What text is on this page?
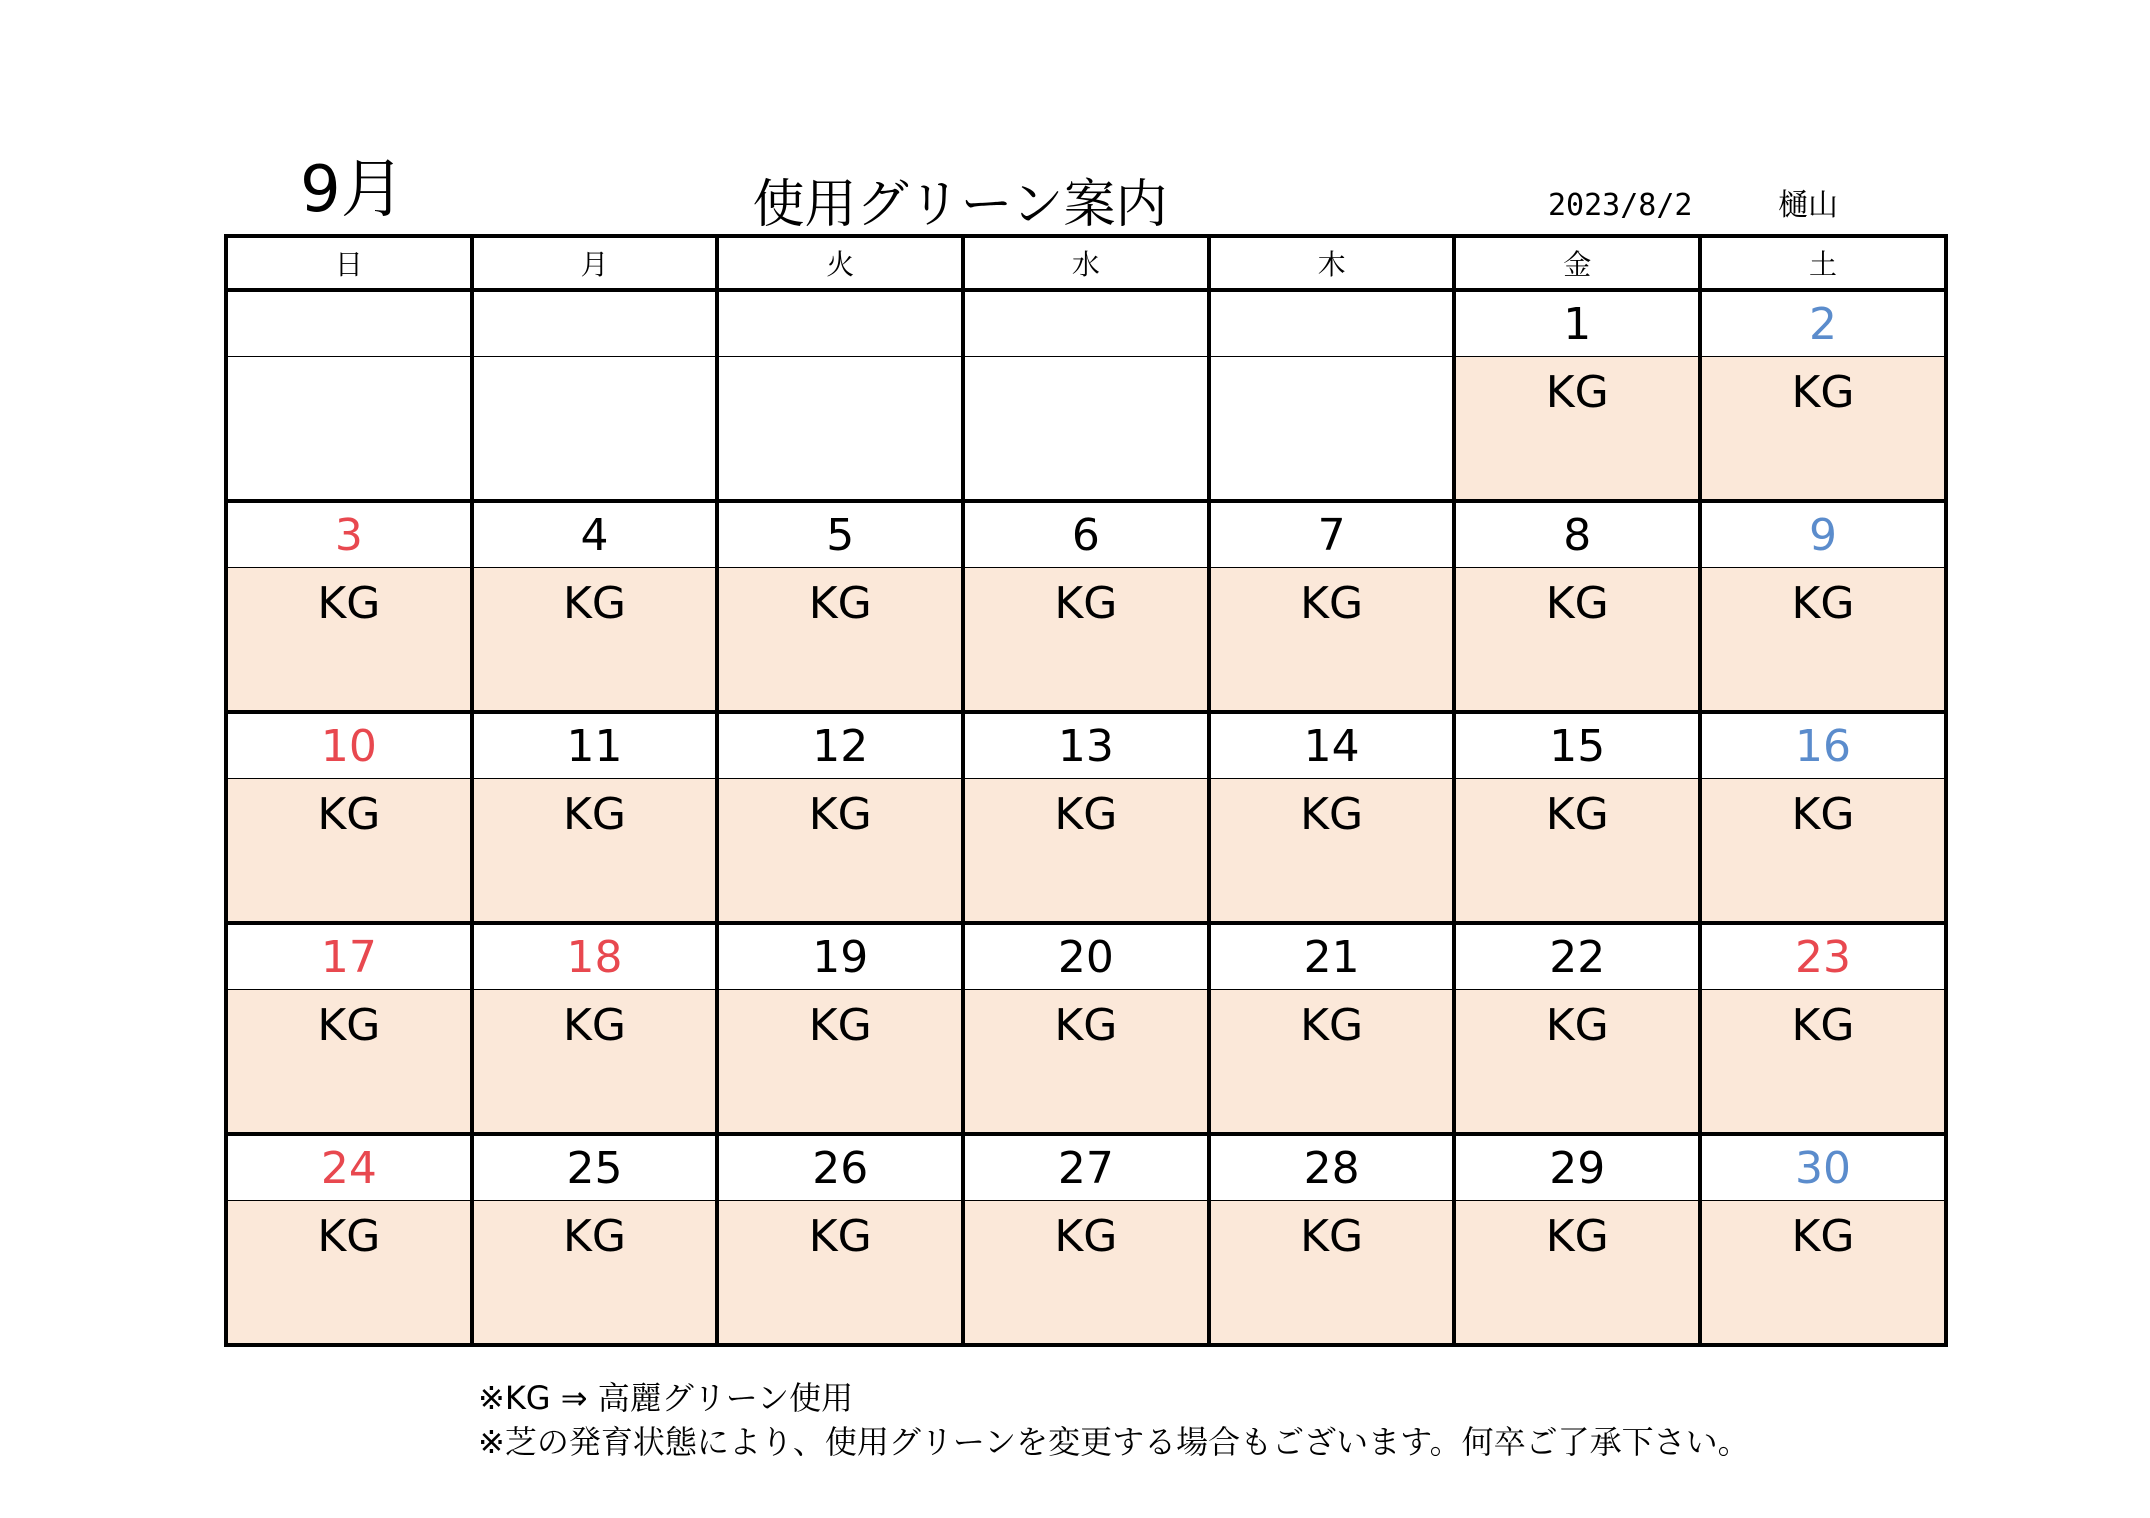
9月	使用グリーン案内	2023/8/2	樋山
日	月	火	水	木	金	土
					1	2
					KG	KG
3	4	5	6	7	8	9
KG	KG	KG	KG	KG	KG	KG
10	11	12	13	14	15	16
KG	KG	KG	KG	KG	KG	KG
17	18	19	20	21	22	23
KG	KG	KG	KG	KG	KG	KG
24	25	26	27	28	29	30
KG	KG	KG	KG	KG	KG	KG
※KG ⇒ 高麗グリーン使用
※芝の発育状態により、使用グリーンを変更する場合もございます。何卒ご了承下さい。
